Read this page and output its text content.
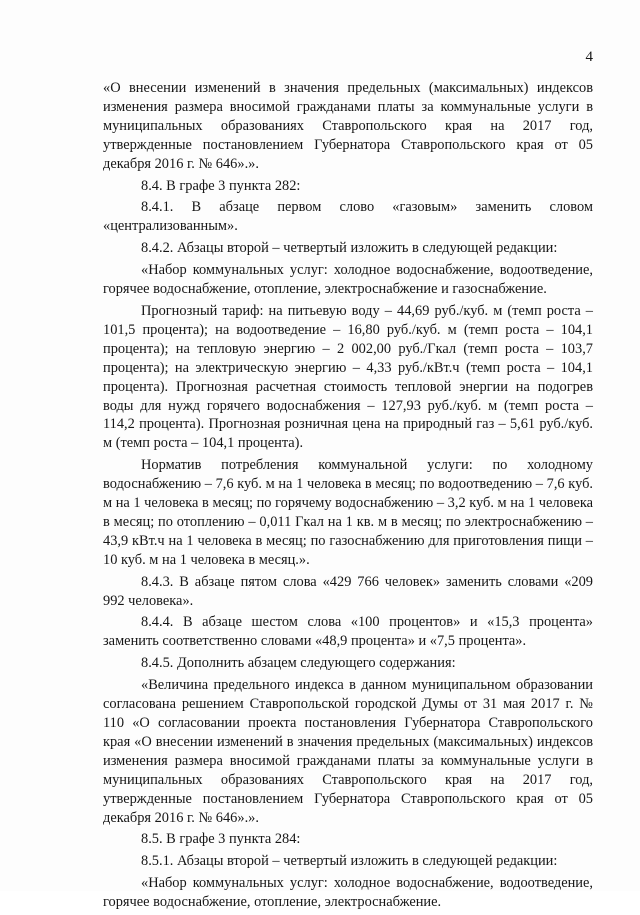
4

«О внесении изменений в значения предельных (максимальных) индексов изменения размера вносимой гражданами платы за коммунальные услуги в муниципальных образованиях Ставропольского края на 2017 год, утвержденные постановлением Губернатора Ставропольского края от 05 декабря 2016 г. № 646».».

8.4. В графе 3 пункта 282:

8.4.1. В абзаце первом слово «газовым» заменить словом «централизованным».

8.4.2. Абзацы второй – четвертый изложить в следующей редакции:

«Набор коммунальных услуг: холодное водоснабжение, водоотведение, горячее водоснабжение, отопление, электроснабжение и газоснабжение.

Прогнозный тариф: на питьевую воду – 44,69 руб./куб. м (темп роста – 101,5 процента); на водоотведение – 16,80 руб./куб. м (темп роста – 104,1 процента); на тепловую энергию – 2 002,00 руб./Гкал (темп роста – 103,7 процента); на электрическую энергию – 4,33 руб./кВт.ч (темп роста – 104,1 процента). Прогнозная расчетная стоимость тепловой энергии на подогрев воды для нужд горячего водоснабжения – 127,93 руб./куб. м (темп роста – 114,2 процента). Прогнозная розничная цена на природный газ – 5,61 руб./куб. м (темп роста – 104,1 процента).

Норматив потребления коммунальной услуги: по холодному водоснабжению – 7,6 куб. м на 1 человека в месяц; по водоотведению – 7,6 куб. м на 1 человека в месяц; по горячему водоснабжению – 3,2 куб. м на 1 человека в месяц; по отоплению – 0,011 Гкал на 1 кв. м в месяц; по электроснабжению – 43,9 кВт.ч на 1 человека в месяц; по газоснабжению для приготовления пищи – 10 куб. м на 1 человека в месяц.».

8.4.3. В абзаце пятом слова «429 766 человек» заменить словами «209 992 человека».

8.4.4. В абзаце шестом слова «100 процентов» и «15,3 процента» заменить соответственно словами «48,9 процента» и «7,5 процента».

8.4.5. Дополнить абзацем следующего содержания:

«Величина предельного индекса в данном муниципальном образовании согласована решением Ставропольской городской Думы от 31 мая 2017 г. № 110 «О согласовании проекта постановления Губернатора Ставропольского края «О внесении изменений в значения предельных (максимальных) индексов изменения размера вносимой гражданами платы за коммунальные услуги в муниципальных образованиях Ставропольского края на 2017 год, утвержденные постановлением Губернатора Ставропольского края от 05 декабря 2016 г. № 646».».

8.5. В графе 3 пункта 284:

8.5.1. Абзацы второй – четвертый изложить в следующей редакции:

«Набор коммунальных услуг: холодное водоснабжение, водоотведение, горячее водоснабжение, отопление, электроснабжение.
